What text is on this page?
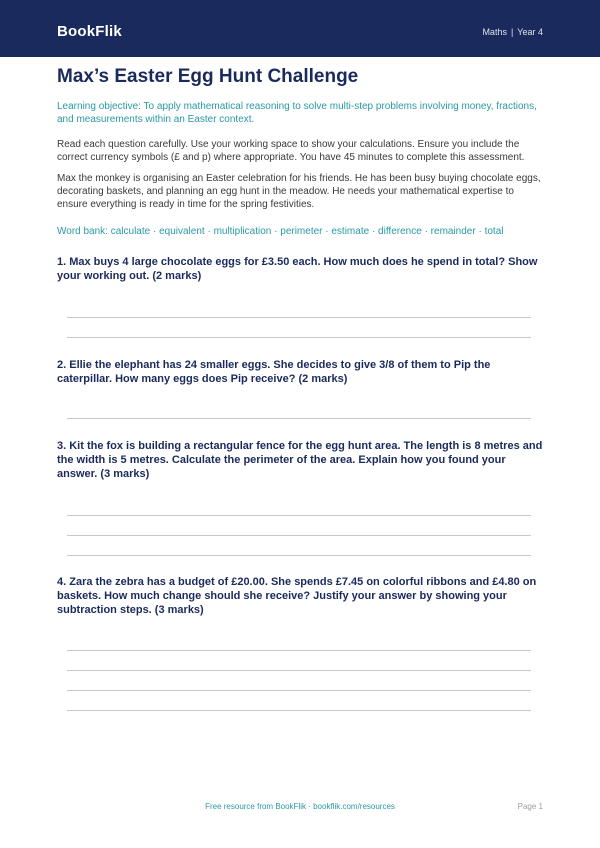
BookFlik	Maths | Year 4
Max’s Easter Egg Hunt Challenge

Learning objective: To apply mathematical reasoning to solve multi-step problems involving money, fractions, and measurements within an Easter context.

Read each question carefully. Use your working space to show your calculations. Ensure you include the correct currency symbols (£ and p) where appropriate. You have 45 minutes to complete this assessment.

Max the monkey is organising an Easter celebration for his friends. He has been busy buying chocolate eggs, decorating baskets, and planning an egg hunt in the meadow. He needs your mathematical expertise to ensure everything is ready in time for the spring festivities.

Word bank: calculate · equivalent · multiplication · perimeter · estimate · difference · remainder · total

1. Max buys 4 large chocolate eggs for £3.50 each. How much does he spend in total? Show your working out. (2 marks)

2. Ellie the elephant has 24 smaller eggs. She decides to give 3/8 of them to Pip the caterpillar. How many eggs does Pip receive? (2 marks)

3. Kit the fox is building a rectangular fence for the egg hunt area. The length is 8 metres and the width is 5 metres. Calculate the perimeter of the area. Explain how you found your answer. (3 marks)

4. Zara the zebra has a budget of £20.00. She spends £7.45 on colorful ribbons and £4.80 on baskets. How much change should she receive? Justify your answer by showing your subtraction steps. (3 marks)

Free resource from BookFlik · bookflik.com/resources	Page 1
